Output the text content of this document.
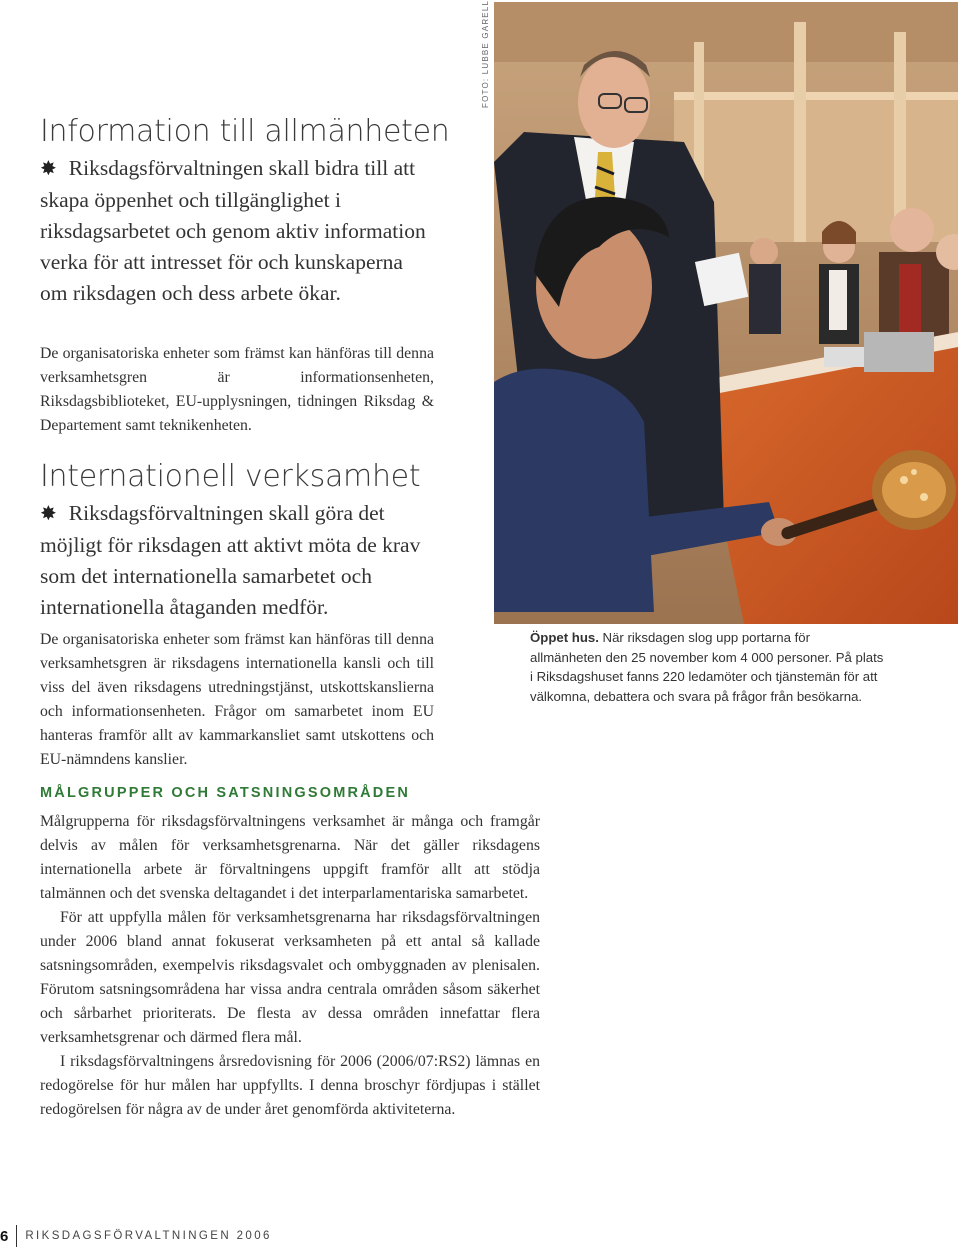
Information till allmänheten

✸ Riksdagsförvaltningen skall bidra till att skapa öppenhet och tillgänglighet i riksdagsarbetet och genom aktiv information verka för att intresset för och kunskaperna om riksdagen och dess arbete ökar.

De organisatoriska enheter som främst kan hänföras till denna verksamhetsgren är informationsenheten, Riksdagsbiblioteket, EU-upplysningen, tidningen Riksdag & Departement samt teknikenheten.

Internationell verksamhet

✸ Riksdagsförvaltningen skall göra det möjligt för riksdagen att aktivt möta de krav som det internationella samarbetet och internationella åtaganden medför.

De organisatoriska enheter som främst kan hänföras till denna verksamhetsgren är riksdagens internationella kansli och till viss del även riksdagens utredningstjänst, utskottskanslierna och informationsenheten. Frågor om samarbetet inom EU hanteras framför allt av kammarkansliet samt utskottens och EU-nämndens kanslier.

FOTO: LUBBE GARELL

Öppet hus. När riksdagen slog upp portarna för allmänheten den 25 november kom 4 000 personer. På plats i Riksdagshuset fanns 220 ledamöter och tjänstemän för att välkomna, debattera och svara på frågor från besökarna.

MÅLGRUPPER OCH SATSNINGSOMRÅDEN

Målgrupperna för riksdagsförvaltningens verksamhet är många och framgår delvis av målen för verksamhetsgrenarna. När det gäller riksdagens internationella arbete är förvaltningens uppgift framför allt att stödja talmännen och det svenska deltagandet i det interparlamentariska samarbetet.

För att uppfylla målen för verksamhetsgrenarna har riksdagsförvaltningen under 2006 bland annat fokuserat verksamheten på ett antal så kallade satsningsområden, exempelvis riksdagsvalet och ombyggnaden av plenisalen. Förutom satsningsområdena har vissa andra centrala områden såsom säkerhet och sårbarhet prioriterats. De flesta av dessa områden innefattar flera verksamhetsgrenar och därmed flera mål.

I riksdagsförvaltningens årsredovisning för 2006 (2006/07:RS2) lämnas en redogörelse för hur målen har uppfyllts. I denna broschyr fördjupas i stället redogörelsen för några av de under året genomförda aktiviteterna.

6 RIKSDAGSFÖRVALTNINGEN 2006
